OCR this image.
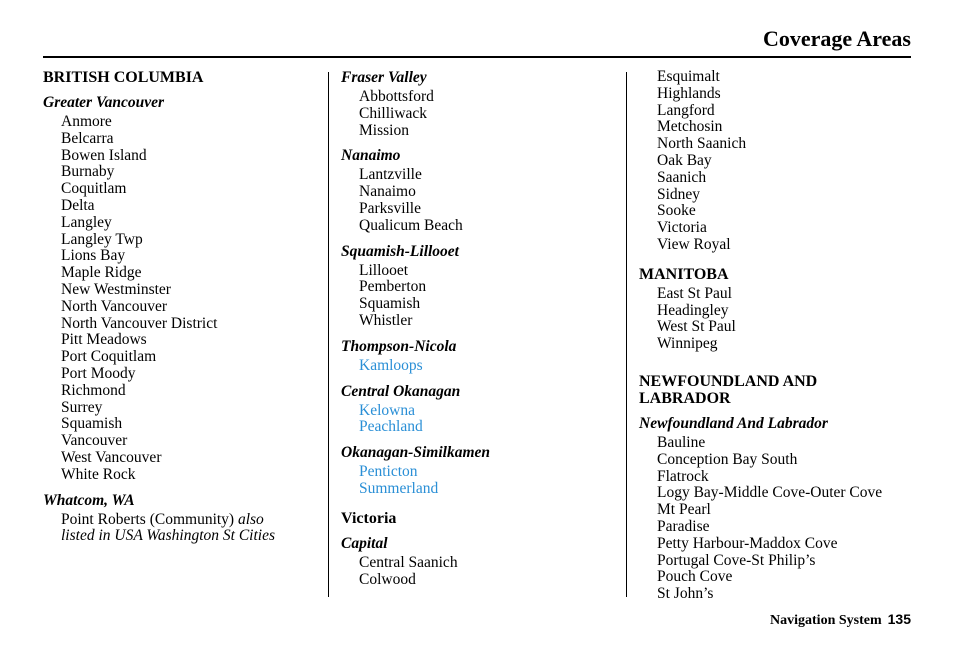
Coverage Areas
BRITISH COLUMBIA
Greater Vancouver
Anmore
Belcarra
Bowen Island
Burnaby
Coquitlam
Delta
Langley
Langley Twp
Lions Bay
Maple Ridge
New Westminster
North Vancouver
North Vancouver District
Pitt Meadows
Port Coquitlam
Port Moody
Richmond
Surrey
Squamish
Vancouver
West Vancouver
White Rock
Whatcom, WA
Point Roberts (Community) also
listed in USA Washington St Cities
Fraser Valley
Abbottsford
Chilliwack
Mission
Nanaimo
Lantzville
Nanaimo
Parksville
Qualicum Beach
Squamish-Lillooet
Lillooet
Pemberton
Squamish
Whistler
Thompson-Nicola
Kamloops
Central Okanagan
Kelowna
Peachland
Okanagan-Similkamen
Penticton
Summerland
Victoria
Capital
Central Saanich
Colwood
Esquimalt
Highlands
Langford
Metchosin
North Saanich
Oak Bay
Saanich
Sidney
Sooke
Victoria
View Royal
MANITOBA
East St Paul
Headingley
West St Paul
Winnipeg
NEWFOUNDLAND AND
LABRADOR
Newfoundland And Labrador
Bauline
Conception Bay South
Flatrock
Logy Bay-Middle Cove-Outer Cove
Mt Pearl
Paradise
Petty Harbour-Maddox Cove
Portugal Cove-St Philip’s
Pouch Cove
St John’s
Navigation System 135
